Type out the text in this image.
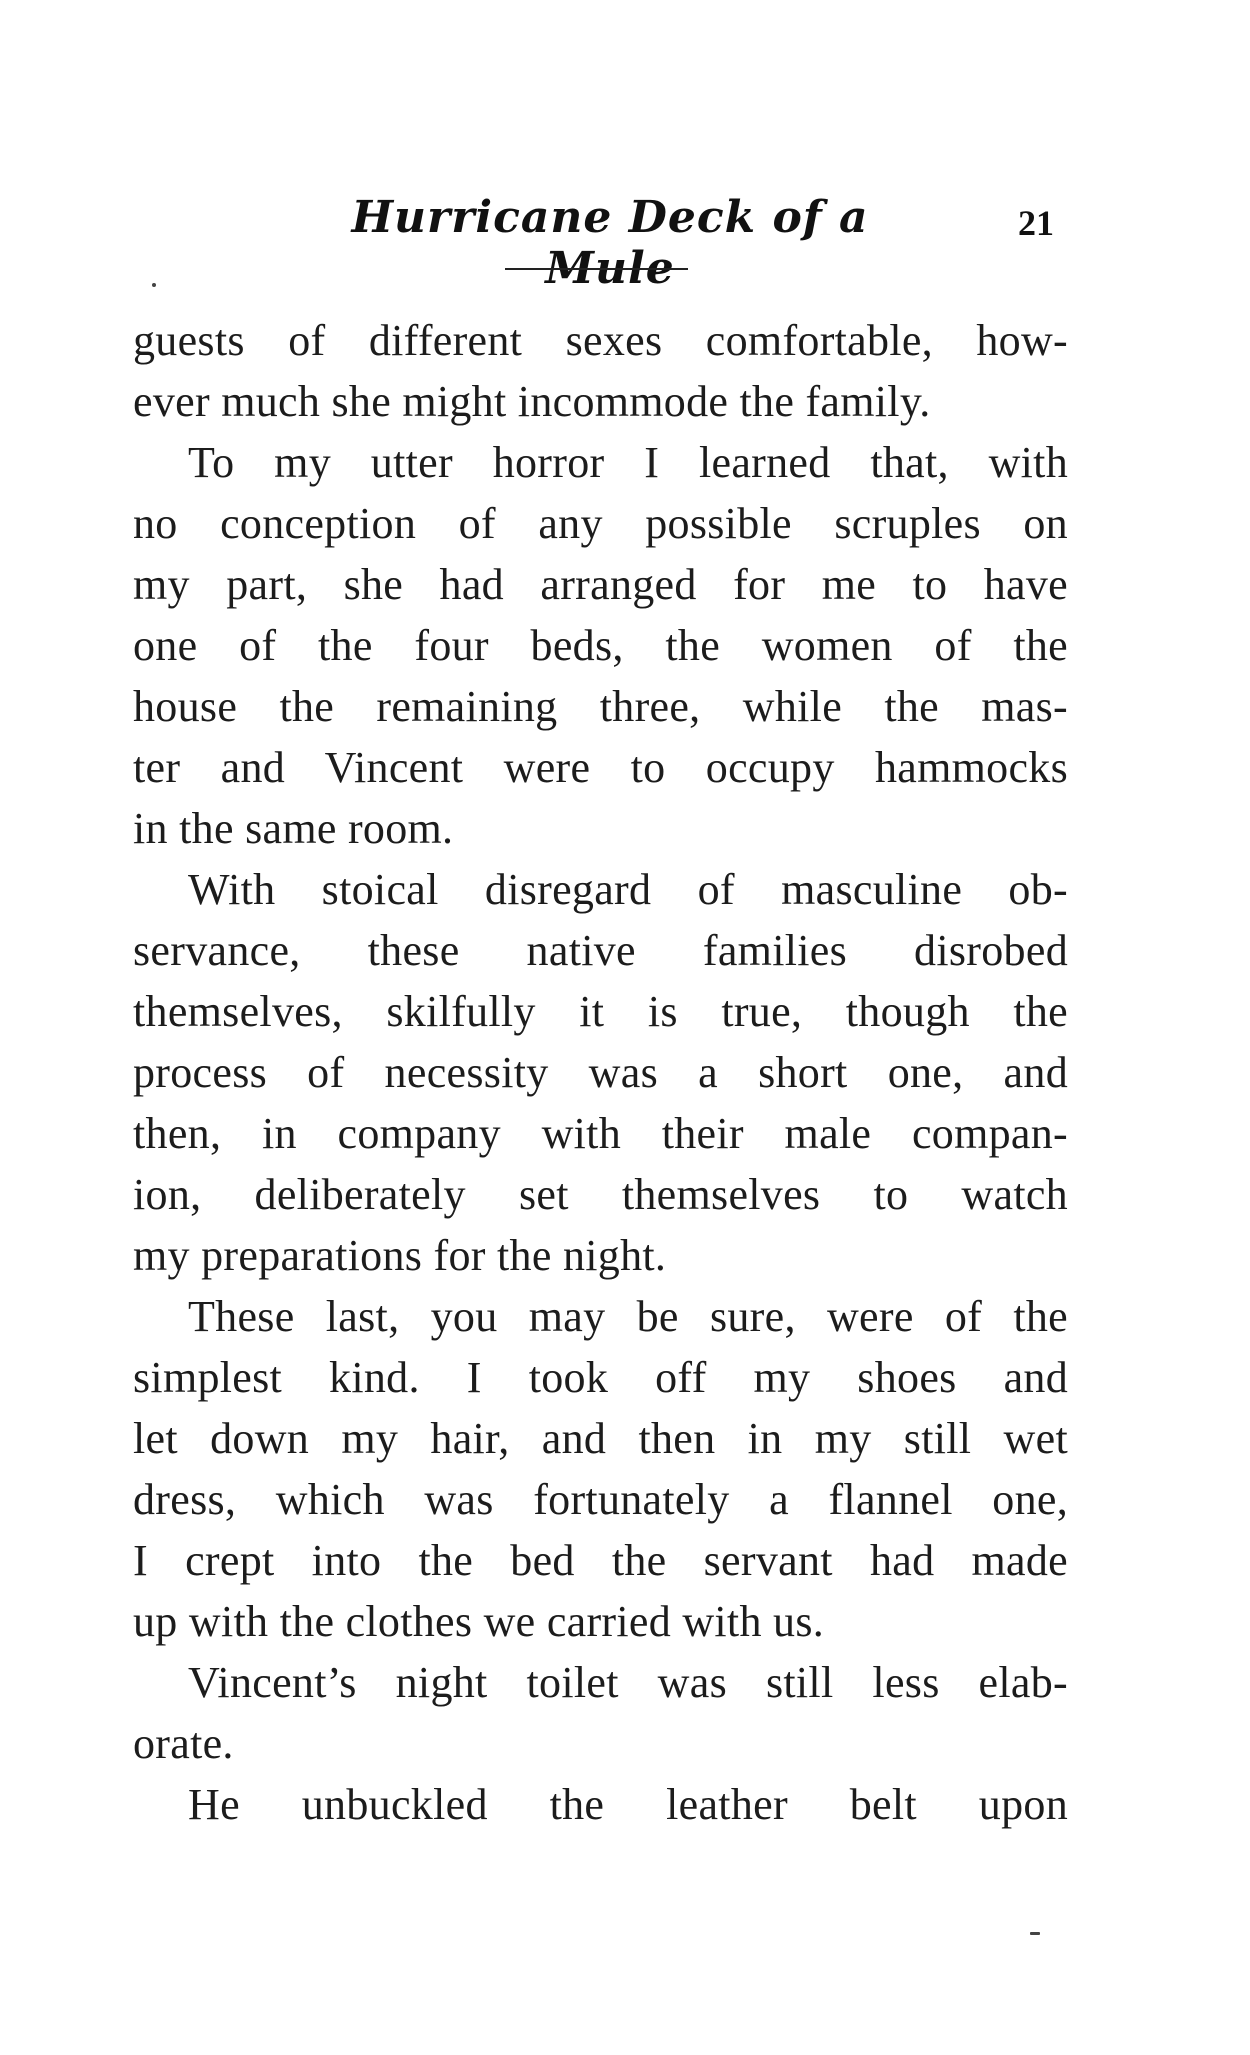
Hurricane Deck of a Mule
21
guests of different sexes comfortable, how-
ever much she might incommode the family.
To my utter horror I learned that, with
no conception of any possible scruples on
my part, she had arranged for me to have
one of the four beds, the women of the
house the remaining three, while the mas-
ter and Vincent were to occupy hammocks
in the same room.
With stoical disregard of masculine ob-
servance, these native families disrobed
themselves, skilfully it is true, though the
process of necessity was a short one, and
then, in company with their male compan-
ion, deliberately set themselves to watch
my preparations for the night.
These last, you may be sure, were of the
simplest kind. I took off my shoes and
let down my hair, and then in my still wet
dress, which was fortunately a flannel one,
I crept into the bed the servant had made
up with the clothes we carried with us.
Vincent’s night toilet was still less elab-
orate.
He unbuckled the leather belt upon
